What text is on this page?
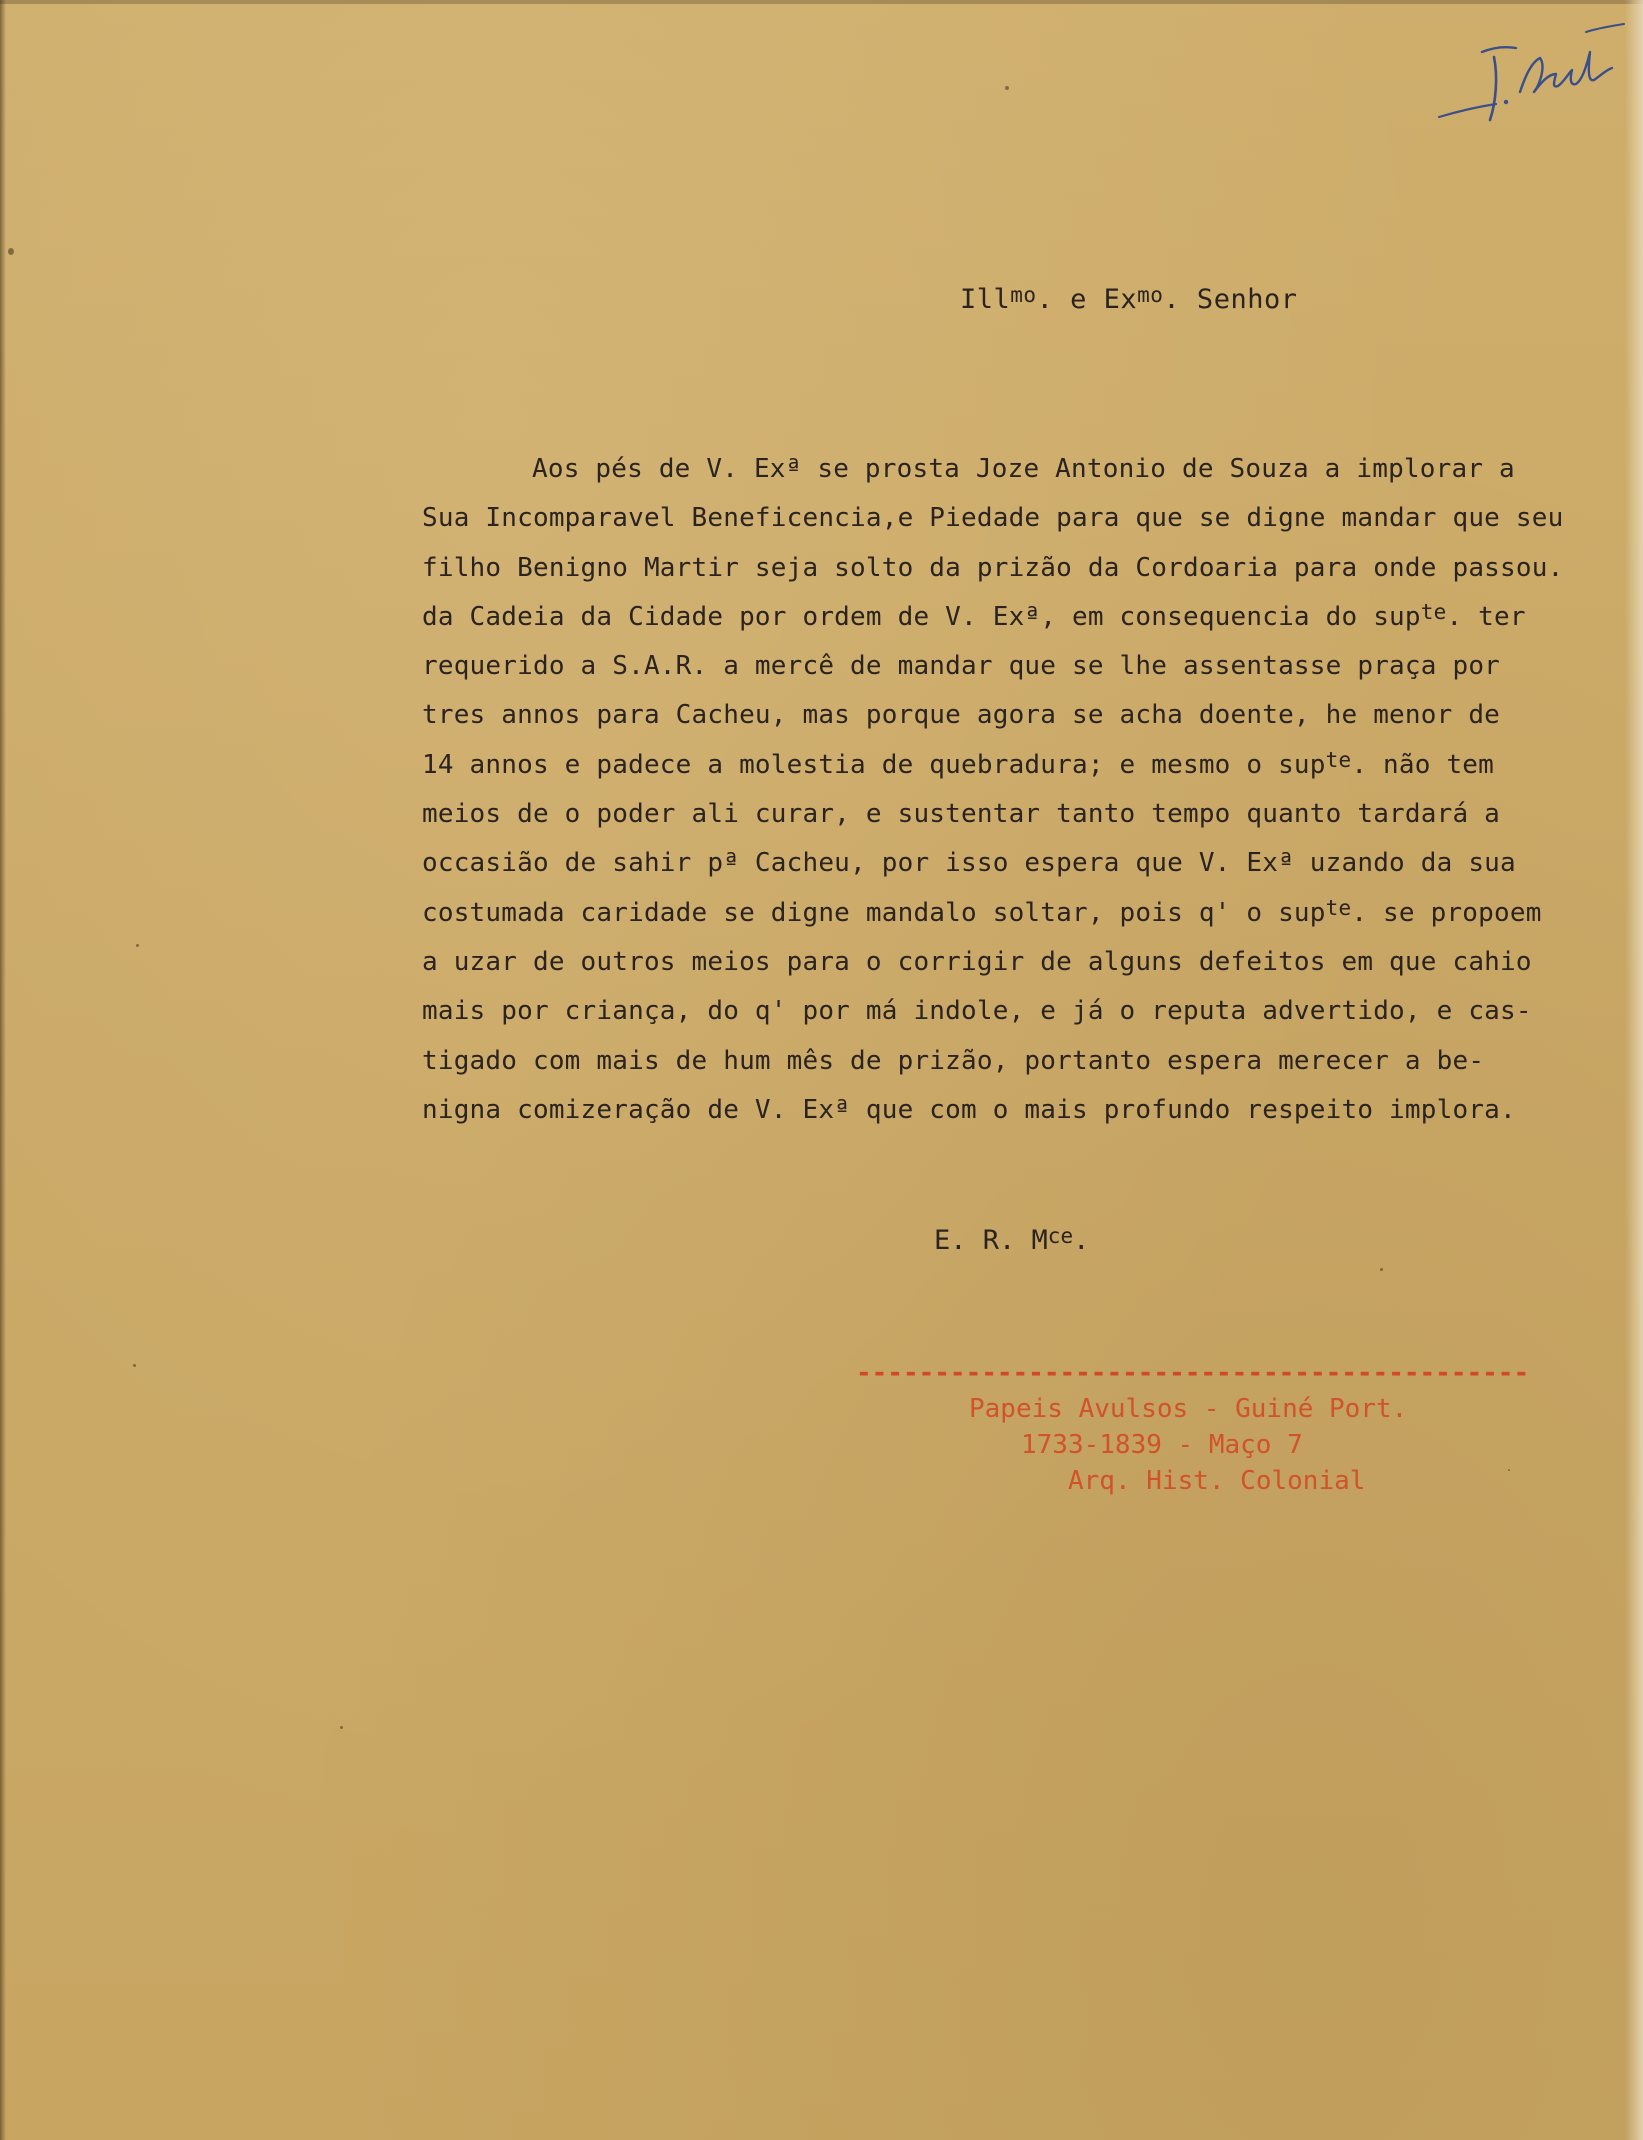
Ill$^{mo}$. e $Ex^{mo}$. Senhor
Aos pés de V. Exª se prosta Joze Antonio de Souza a implorar a
Sua Incomparavel Beneficencia,e Piedade para que se digne mandar que seu
filho Benigno Martir seja solto da prizão da Cordoaria para onde passou.
da Cadeia da Cidade por ordem de V. Exª, em consequencia do sup$^{te}$. ter
requerido a S.A.R. a mercê de mandar que se lhe assentasse praça por
tres annos para Cacheu, mas porque agora se acha doente, he menor de
14 annos e padece a molestia de quebradura; e mesmo o sup$^{te}$. não tem
meios de o poder ali curar, e sustentar tanto tempo quanto tardará a
occasião de sahir pª Cacheu, por isso espera que V. Exª uzando da sua
costumada caridade se digne mandalo soltar, pois q' o sup$^{te}$. se propoem
a uzar de outros meios para o corrigir de alguns defeitos em que cahio
mais por criança, do q' por má indole, e já o reputa advertido, e cas-
tigado com mais de hum mês de prizão, portanto espera merecer a be-
nigna comizeração de V. Exª que com o mais profundo respeito implora.
E. R. $M^{ce}$.
-------------------------------------------
Papeis Avulsos - Guiné Port.
1733-1839 - Maço 7
Arq. Hist. Colonial
